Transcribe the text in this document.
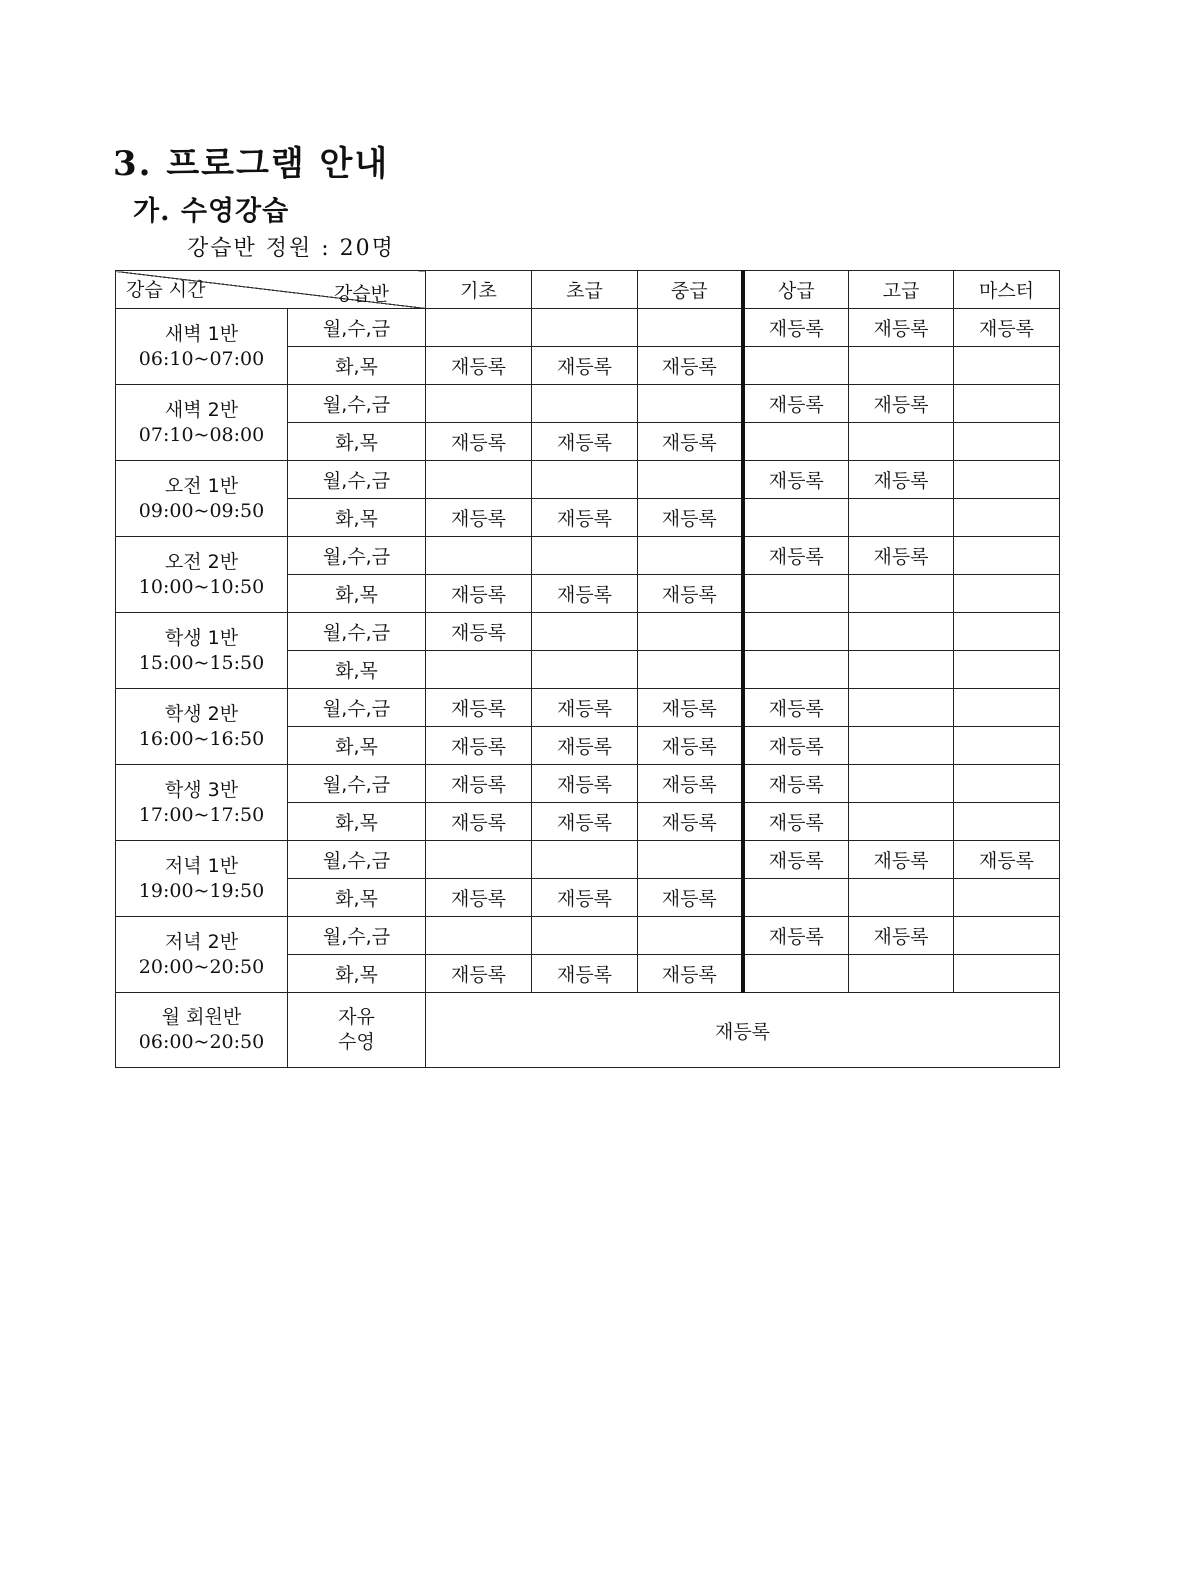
3. 프로그램 안내
가. 수영강습
강습반 정원 : 20명
강습반
강습 시간		기초	초급	중급	상급	고급	마스터

새벽 1반
06:10~07:00	월,수,금				재등록	재등록	재등록
	화,목	재등록	재등록	재등록			

새벽 2반
07:10~08:00	월,수,금				재등록	재등록	
	화,목	재등록	재등록	재등록			

오전 1반
09:00~09:50	월,수,금				재등록	재등록	
	화,목	재등록	재등록	재등록			

오전 2반
10:00~10:50	월,수,금				재등록	재등록	
	화,목	재등록	재등록	재등록			

학생 1반
15:00~15:50	월,수,금	재등록					
	화,목						

학생 2반
16:00~16:50	월,수,금	재등록	재등록	재등록	재등록		
	화,목	재등록	재등록	재등록	재등록		

학생 3반
17:00~17:50	월,수,금	재등록	재등록	재등록	재등록		
	화,목	재등록	재등록	재등록	재등록		

저녁 1반
19:00~19:50	월,수,금				재등록	재등록	재등록
	화,목	재등록	재등록	재등록			

저녁 2반
20:00~20:50	월,수,금				재등록	재등록	
	화,목	재등록	재등록	재등록			

월 회원반
06:00~20:50	자유
수영	재등록					
